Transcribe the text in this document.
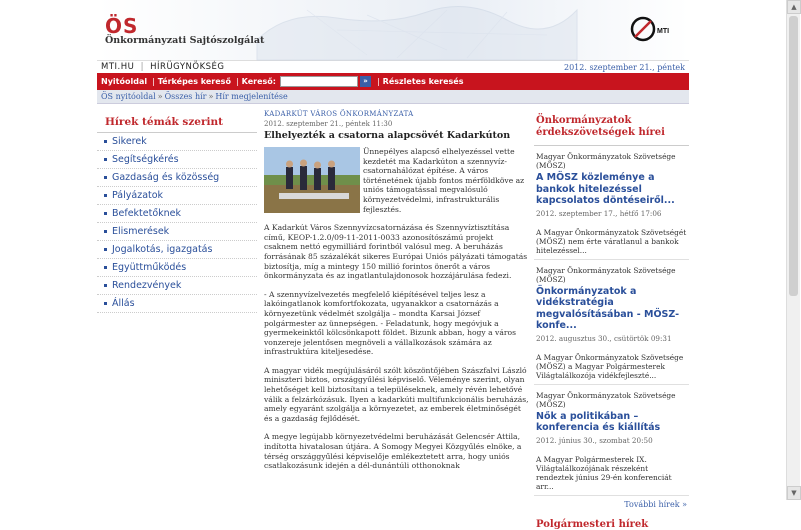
ÖS
Önkormányzati Sajtószolgálat
MTI
MTI.HU | HÍRÜGYNÖKSÉG	2012. szeptember 21., péntek
Nyitóoldal | Térképes kereső | Kereső:	»	| Részletes keresés
ÖS nyitóoldal » Összes hír » Hír megjelenítése
Hírek témák szerint
Sikerek
Segítségkérés
Gazdaság és közösség
Pályázatok
Befektetőknek
Elismerések
Jogalkotás, igazgatás
Együttműködés
Rendezvények
Állás
KADARKÚT VÁROS ÖNKORMÁNYZATA
2012. szeptember 21., péntek 11:30
Elhelyezték a csatorna alapcsövét Kadarkúton

Ünnepélyes alapcső elhelyezéssel vette kezdetét ma Kadarkúton a szennyvíz-csatornahálózat építése. A város történetének újabb fontos mérföldköve az uniós támogatással megvalósuló környezetvédelmi, infrastrukturális fejlesztés.

A Kadarkút Város Szennyvízcsatornázása és Szennyvíztisztítása című, KEOP-1.2.0/09-11-2011-0033 azonosítószámú projekt csaknem nettó egymilliárd forintból valósul meg. A beruházás forrásának 85 százalékát sikeres Európai Uniós pályázati támogatás biztosítja, míg a mintegy 150 millió forintos önerőt a város önkormányzata és az ingatlantulajdonosok hozzájárulása fedezi.

- A szennyvízelvezetés megfelelő kiépítésével teljes lesz a lakóingatlanok komfortfokozata, ugyanakkor a csatornázás a környezetünk védelmét szolgálja – mondta Karsai József polgármester az ünnepségen. - Feladatunk, hogy megóvjuk a gyermekeinktől kölcsönkapott földet. Bizunk abban, hogy a város vonzereje jelentősen megnöveli a vállalkozások számára az infrastruktúra kiteljesedése.

A magyar vidék megújulásáról szólt köszöntőjében Szászfalvi László miniszteri biztos, országgyűlési képviselő. Véleménye szerint, olyan lehetőséget kell biztosítani a településeknek, amely révén lehetővé válik a felzárkózásuk. Ilyen a kadarkúti multifunkcionális beruházás, amely egyaránt szolgálja a környezetet, az emberek életminőségét és a gazdaság fejlődését.

A megye legújabb környezetvédelmi beruházását Gelencsér Attila, indította hivatalosan útjára. A Somogy Megyei Közgyűlés elnöke, a térség országgyűlési képviselője emlékeztetett arra, hogy uniós csatlakozásunk idején a dél-dunántúli otthonoknak

Önkormányzatok érdekszövetségek hírei
Magyar Önkormányzatok Szövetsége (MÖSZ)
A MÖSZ közleménye a bankok hitelezéssel kapcsolatos döntéseiről...
2012. szeptember 17., hétfő 17:06
A Magyar Önkormányzatok Szövetségét (MÖSZ) nem érte váratlanul a bankok hitelezéssel...
Magyar Önkormányzatok Szövetsége (MÖSZ)
Önkormányzatok a vidékstratégia megvalósításában - MÖSZ-konfe...
2012. augusztus 30., csütörtök 09:31
A Magyar Önkormányzatok Szövetsége (MÖSZ) a Magyar Polgármesterek Világtalálkozója vidékfejleszté...
Magyar Önkormányzatok Szövetsége (MÖSZ)
Nők a politikában – konferencia és kiállítás
2012. június 30., szombat 20:50
A Magyar Polgármesterek IX. Világtalálkozójának részeként rendeztek június 29-én konferenciát arr...
További hírek »
Polgármesteri hírek
▲
▼
